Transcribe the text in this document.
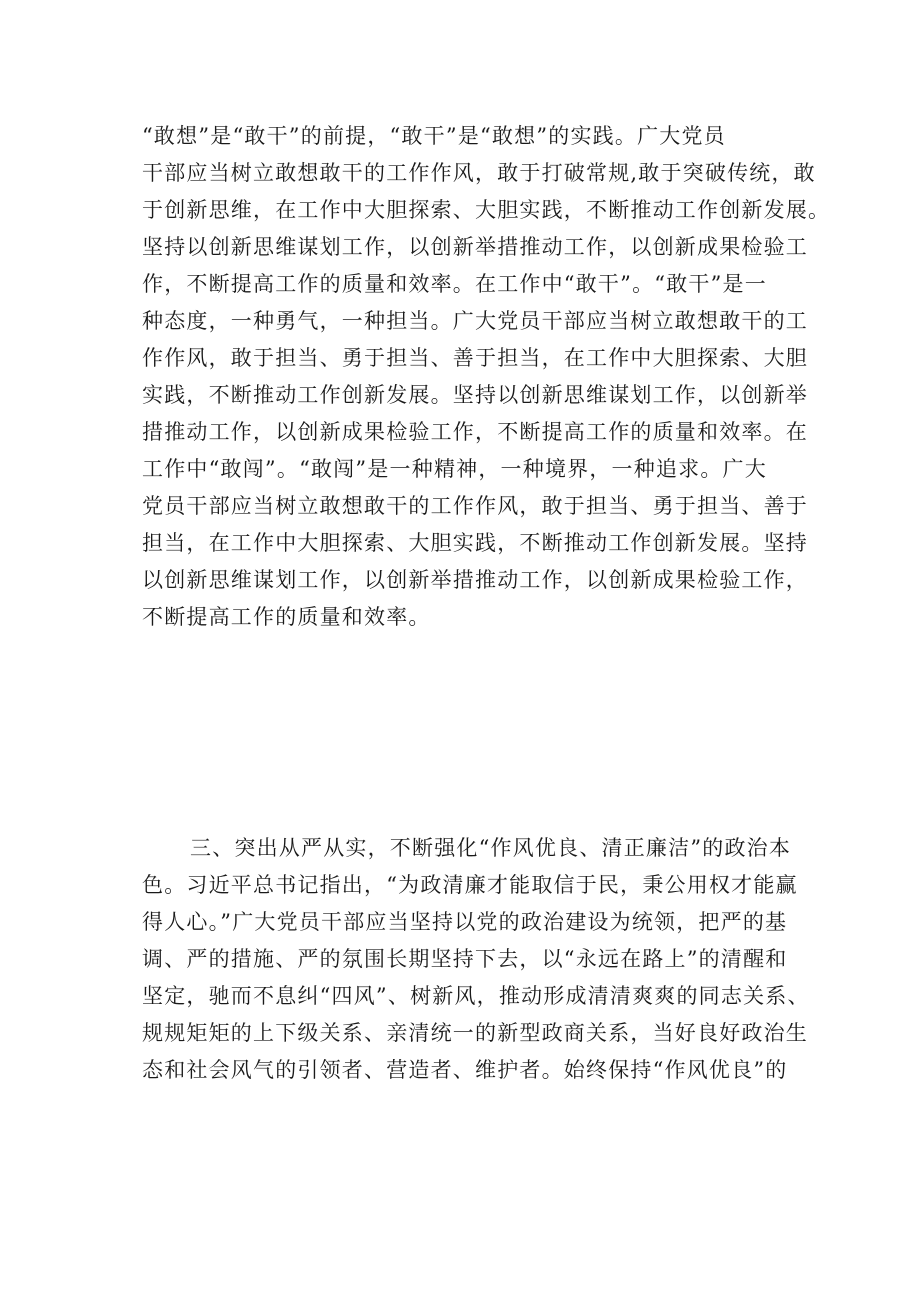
“敢想”是“敢干”的前提，“敢干”是“敢想”的实践。广大党员
干部应当树立敢想敢干的工作作风，敢于打破常规,敢于突破传统，敢
于创新思维，在工作中大胆探索、大胆实践，不断推动工作创新发展。
坚持以创新思维谋划工作，以创新举措推动工作，以创新成果检验工
作，不断提高工作的质量和效率。在工作中“敢干”。“敢干”是一
种态度，一种勇气，一种担当。广大党员干部应当树立敢想敢干的工
作作风，敢于担当、勇于担当、善于担当，在工作中大胆探索、大胆
实践，不断推动工作创新发展。坚持以创新思维谋划工作，以创新举
措推动工作，以创新成果检验工作，不断提高工作的质量和效率。在
工作中“敢闯”。“敢闯”是一种精神，一种境界，一种追求。广大
党员干部应当树立敢想敢干的工作作风，敢于担当、勇于担当、善于
担当，在工作中大胆探索、大胆实践，不断推动工作创新发展。坚持
以创新思维谋划工作，以创新举措推动工作，以创新成果检验工作，
不断提高工作的质量和效率。
三、突出从严从实，不断强化“作风优良、清正廉洁”的政治本
色。习近平总书记指出，“为政清廉才能取信于民，秉公用权才能赢
得人心。”广大党员干部应当坚持以党的政治建设为统领，把严的基
调、严的措施、严的氛围长期坚持下去，以“永远在路上”的清醒和
坚定，驰而不息纠“四风”、树新风，推动形成清清爽爽的同志关系、
规规矩矩的上下级关系、亲清统一的新型政商关系，当好良好政治生
态和社会风气的引领者、营造者、维护者。始终保持“作风优良”的
